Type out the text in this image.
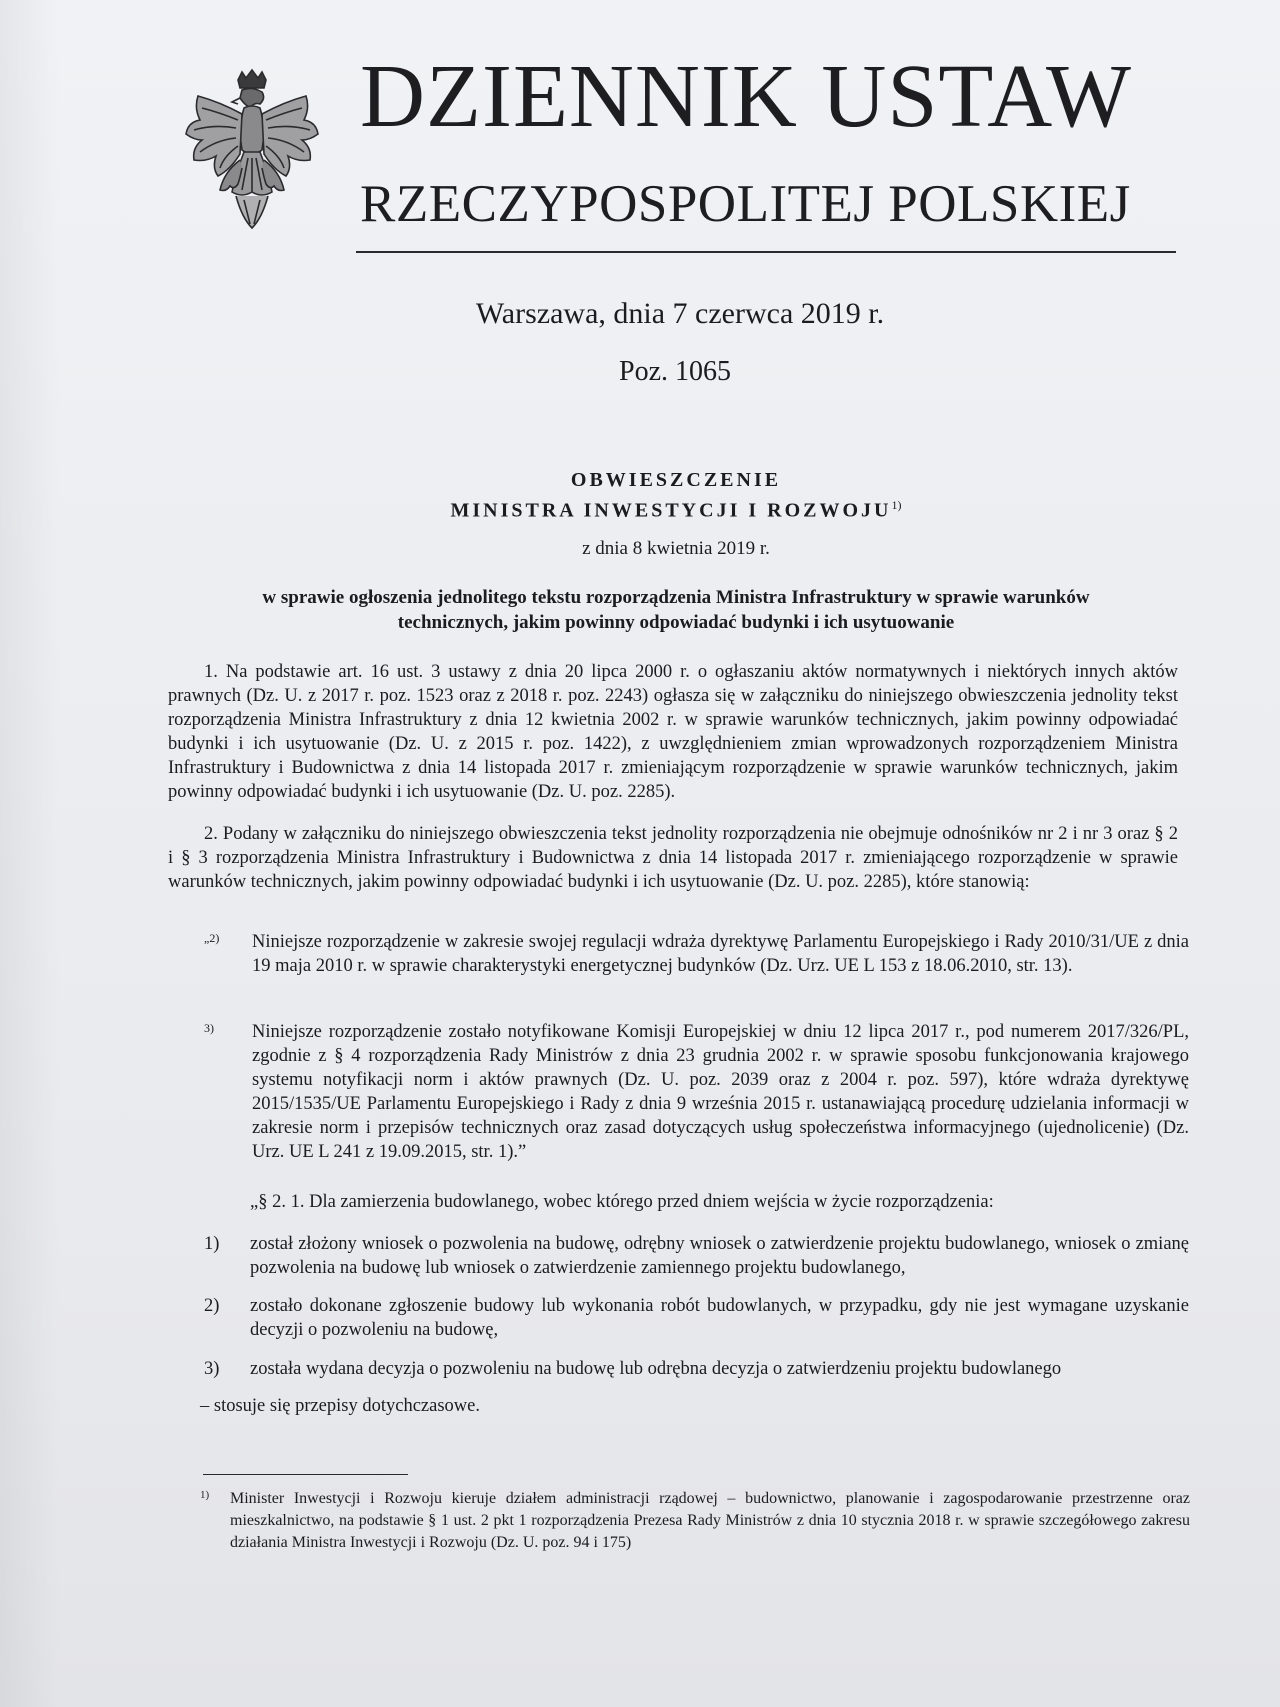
DZIENNIK USTAW
RZECZYPOSPOLITEJ POLSKIEJ
Warszawa, dnia 7 czerwca 2019 r.
Poz. 1065
OBWIESZCZENIE
MINISTRA INWESTYCJI I ROZWOJU$^{1)}$
z dnia 8 kwietnia 2019 r.
w sprawie ogłoszenia jednolitego tekstu rozporządzenia Ministra Infrastruktury w sprawie warunków technicznych, jakim powinny odpowiadać budynki i ich usytuowanie
1. Na podstawie art. 16 ust. 3 ustawy z dnia 20 lipca 2000 r. o ogłaszaniu aktów normatywnych i niektórych innych aktów prawnych (Dz. U. z 2017 r. poz. 1523 oraz z 2018 r. poz. 2243) ogłasza się w załączniku do niniejszego obwieszczenia jednolity tekst rozporządzenia Ministra Infrastruktury z dnia 12 kwietnia 2002 r. w sprawie warunków technicznych, jakim powinny odpowiadać budynki i ich usytuowanie (Dz. U. z 2015 r. poz. 1422), z uwzględnieniem zmian wprowadzonych rozporządzeniem Ministra Infrastruktury i Budownictwa z dnia 14 listopada 2017 r. zmieniającym rozporządzenie w sprawie warunków technicznych, jakim powinny odpowiadać budynki i ich usytuowanie (Dz. U. poz. 2285).
2. Podany w załączniku do niniejszego obwieszczenia tekst jednolity rozporządzenia nie obejmuje odnośników nr 2 i nr 3 oraz § 2 i § 3 rozporządzenia Ministra Infrastruktury i Budownictwa z dnia 14 listopada 2017 r. zmieniającego rozporządzenie w sprawie warunków technicznych, jakim powinny odpowiadać budynki i ich usytuowanie (Dz. U. poz. 2285), które stanowią:
„2) Niniejsze rozporządzenie w zakresie swojej regulacji wdraża dyrektywę Parlamentu Europejskiego i Rady 2010/31/UE z dnia 19 maja 2010 r. w sprawie charakterystyki energetycznej budynków (Dz. Urz. UE L 153 z 18.06.2010, str. 13).
3) Niniejsze rozporządzenie zostało notyfikowane Komisji Europejskiej w dniu 12 lipca 2017 r., pod numerem 2017/326/PL, zgodnie z § 4 rozporządzenia Rady Ministrów z dnia 23 grudnia 2002 r. w sprawie sposobu funkcjonowania krajowego systemu notyfikacji norm i aktów prawnych (Dz. U. poz. 2039 oraz z 2004 r. poz. 597), które wdraża dyrektywę 2015/1535/UE Parlamentu Europejskiego i Rady z dnia 9 września 2015 r. ustanawiającą procedurę udzielania informacji w zakresie norm i przepisów technicznych oraz zasad dotyczących usług społeczeństwa informacyjnego (ujednolicenie) (Dz. Urz. UE L 241 z 19.09.2015, str. 1).”
„§ 2. 1. Dla zamierzenia budowlanego, wobec którego przed dniem wejścia w życie rozporządzenia:
1) został złożony wniosek o pozwolenia na budowę, odrębny wniosek o zatwierdzenie projektu budowlanego, wniosek o zmianę pozwolenia na budowę lub wniosek o zatwierdzenie zamiennego projektu budowlanego,
2) zostało dokonane zgłoszenie budowy lub wykonania robót budowlanych, w przypadku, gdy nie jest wymagane uzyskanie decyzji o pozwoleniu na budowę,
3) została wydana decyzja o pozwoleniu na budowę lub odrębna decyzja o zatwierdzeniu projektu budowlanego
– stosuje się przepisy dotychczasowe.
1) Minister Inwestycji i Rozwoju kieruje działem administracji rządowej – budownictwo, planowanie i zagospodarowanie przestrzenne oraz mieszkalnictwo, na podstawie § 1 ust. 2 pkt 1 rozporządzenia Prezesa Rady Ministrów z dnia 10 stycznia 2018 r. w sprawie szczegółowego zakresu działania Ministra Inwestycji i Rozwoju (Dz. U. poz. 94 i 175)
